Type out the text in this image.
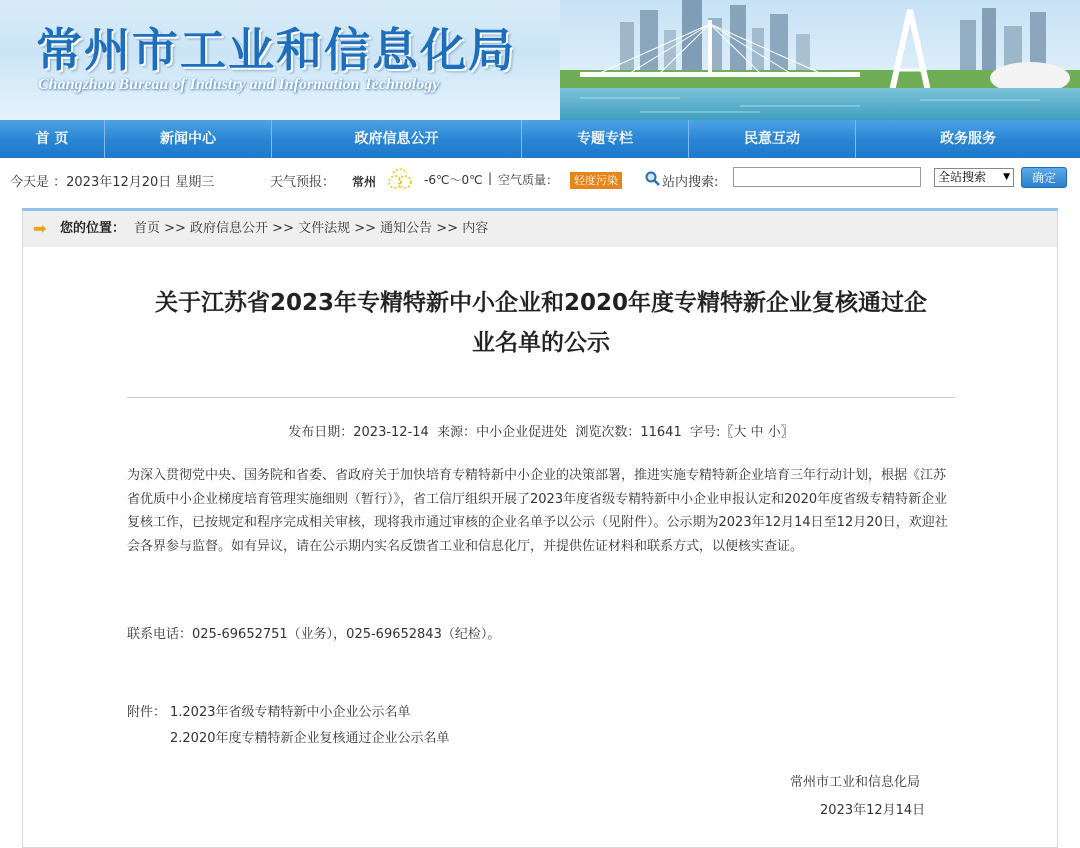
常州市工业和信息化局
Changzhou Bureau of Industry and Information Technology
首 页	新闻中心	政府信息公开	专题专栏	民意互动	政务服务
今天是 ：2023年12月20日 星期三	天气预报： 常州	-6℃～0℃ | 空气质量：	轻度污染	站内搜索:	全站搜索 ▼	确定
➡ 您的位置： 首页 >> 政府信息公开 >> 文件法规 >> 通知公告 >> 内容
关于江苏省2023年专精特新中小企业和2020年度专精特新企业复核通过企
业名单的公示
发布日期：2023-12-14 来源：中小企业促进处 浏览次数：11641 字号:〖大 中 小〗
为深入贯彻党中央、国务院和省委、省政府关于加快培育专精特新中小企业的决策部署，推进实施专精特新企业培育三年行动计划，根据《江苏省优质中小企业梯度培育管理实施细则（暂行）》，省工信厅组织开展了2023年度省级专精特新中小企业申报认定和2020年度省级专精特新企业复核工作，已按规定和程序完成相关审核，现将我市通过审核的企业名单予以公示（见附件）。公示期为2023年12月14日至12月20日，欢迎社会各界参与监督。如有异议，请在公示期内实名反馈省工业和信息化厅，并提供佐证材料和联系方式，以便核实查证。
联系电话：025-69652751（业务），025-69652843（纪检）。
附件： 1.2023年省级专精特新中小企业公示名单
2.2020年度专精特新企业复核通过企业公示名单
常州市工业和信息化局
2023年12月14日
